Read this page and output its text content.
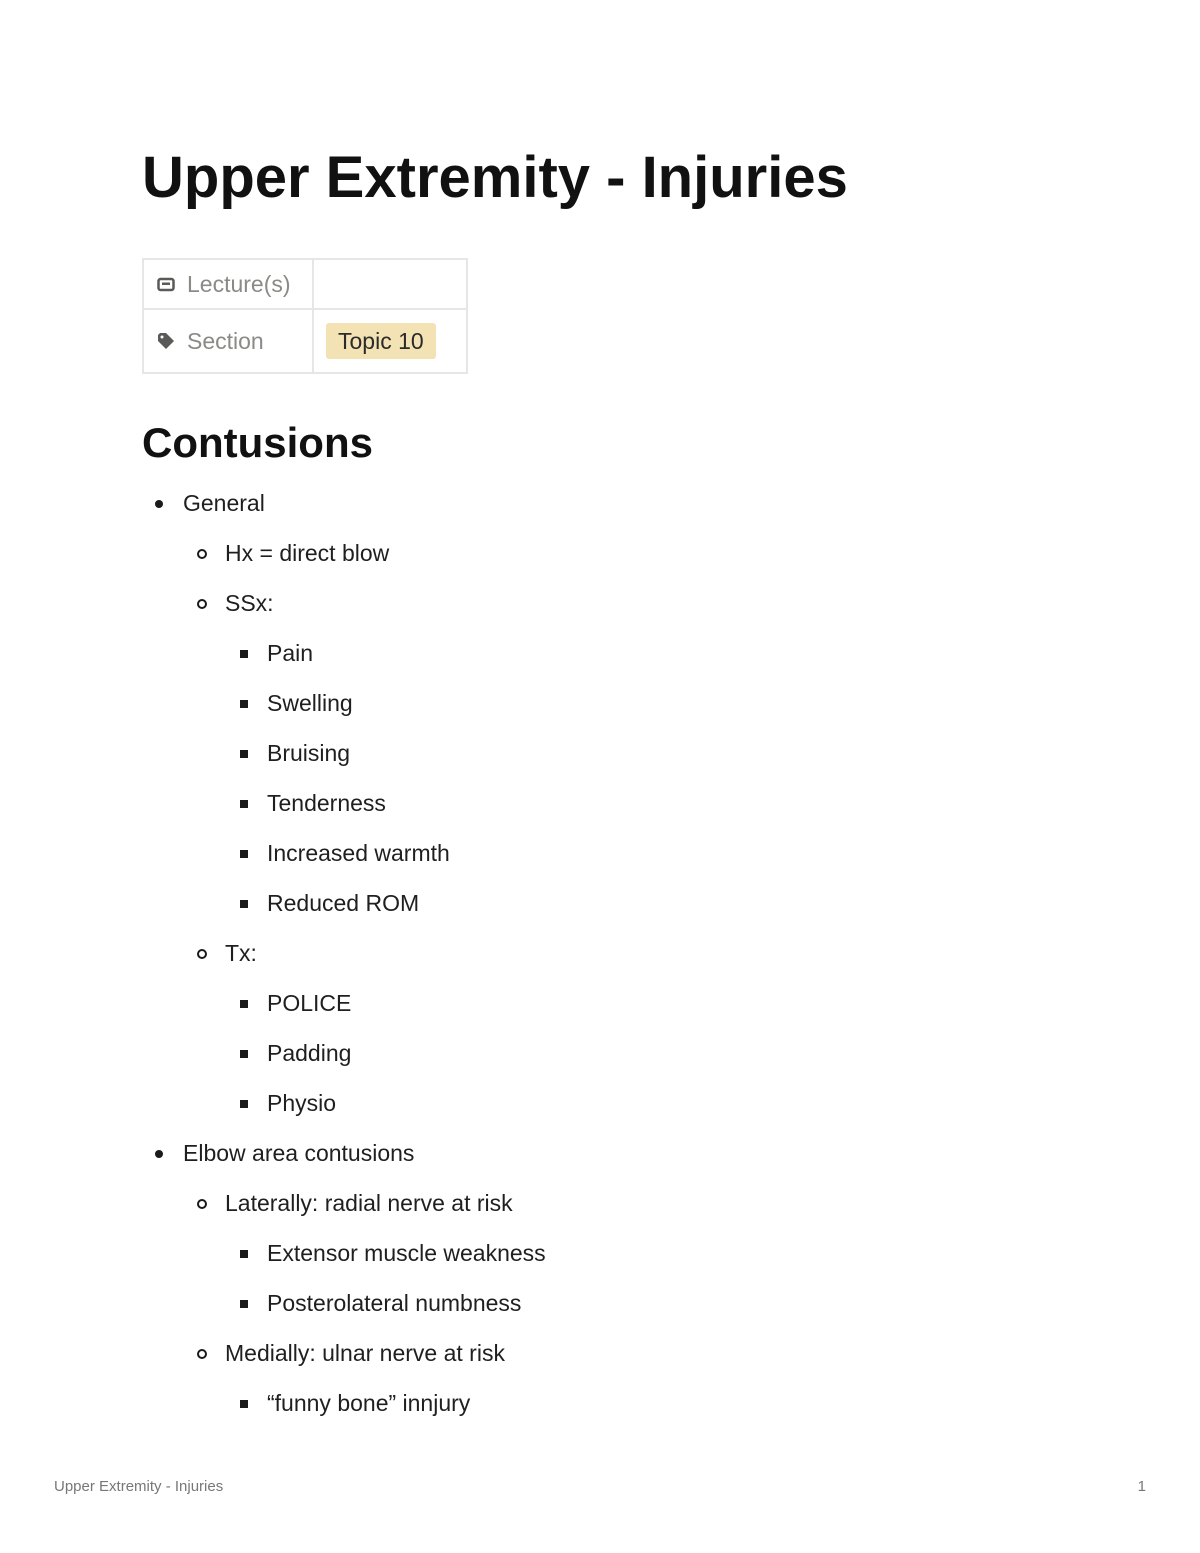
Upper Extremity - Injuries
Lecture(s)	

Section	Topic 10
Contusions
General
Hx = direct blow
SSx:
Pain
Swelling
Bruising
Tenderness
Increased warmth
Reduced ROM
Tx:
POLICE
Padding
Physio
Elbow area contusions
Laterally: radial nerve at risk
Extensor muscle weakness
Posterolateral numbness
Medially: ulnar nerve at risk
“funny bone” innjury
Upper Extremity - Injuries	1
